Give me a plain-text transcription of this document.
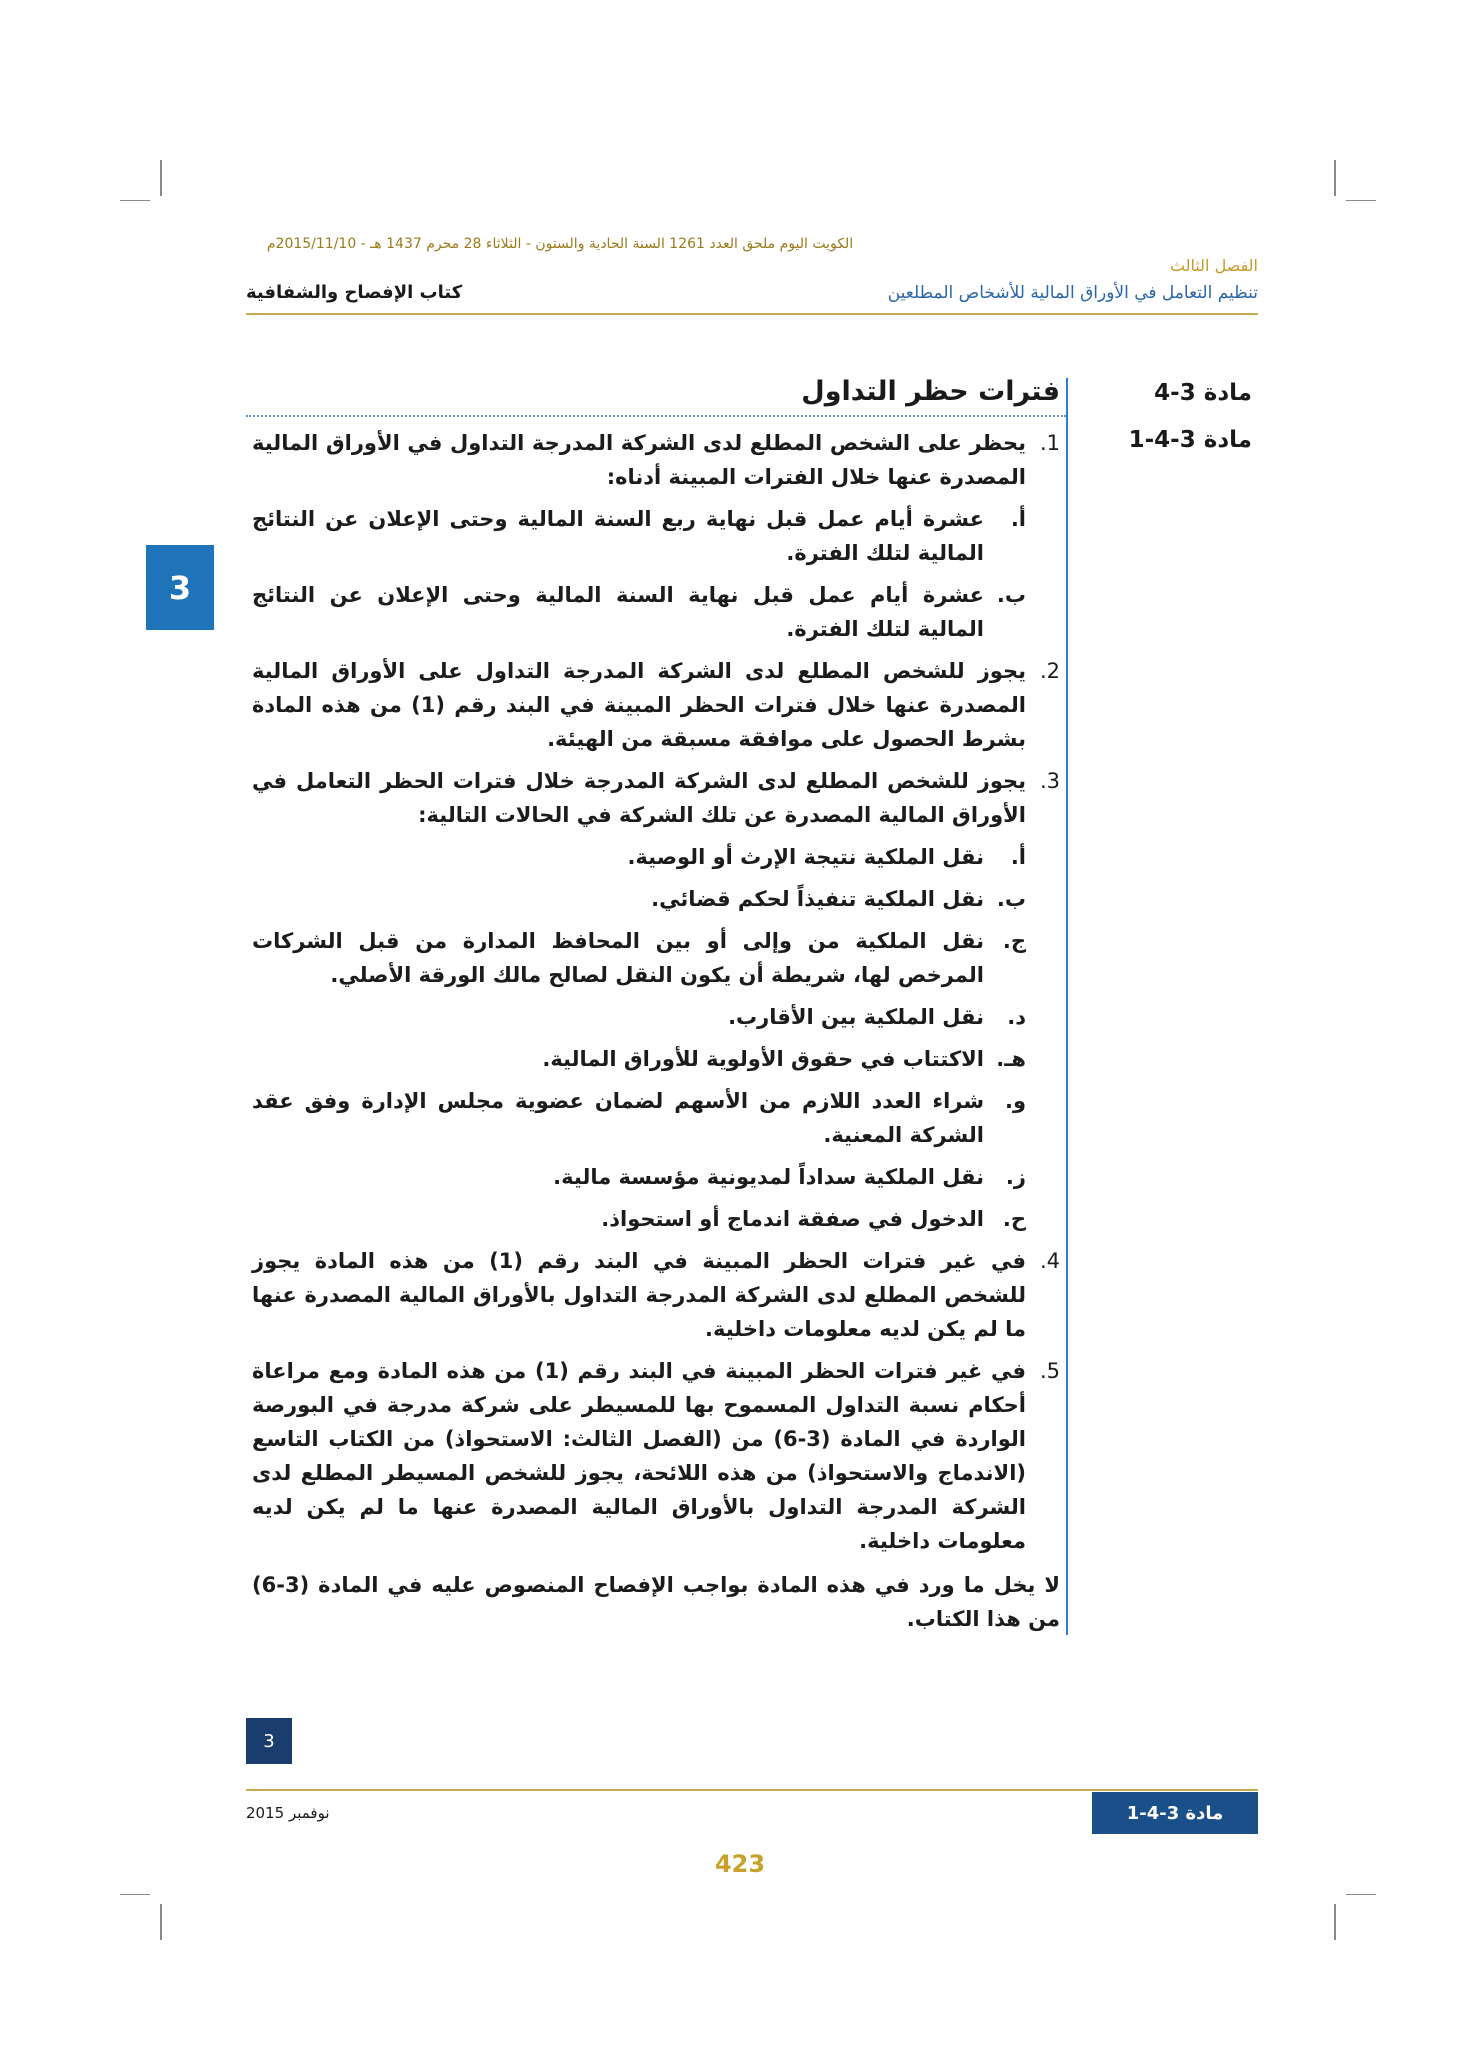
الكويت اليوم ملحق العدد 1261 السنة الحادية والستون - الثلاثاء 28 محرم 1437 هـ - 2015/11/10م
الفصل الثالث
تنظيم التعامل في الأوراق المالية للأشخاص المطلعين
كتاب الإفصاح والشفافية
3
مادة 3-4
مادة 3-4-1
فترات حظر التداول
1.
يحظر على الشخص المطلع لدى الشركة المدرجة التداول في الأوراق المالية المصدرة عنها خلال الفترات المبينة أدناه:
أ.
عشرة أيام عمل قبل نهاية ربع السنة المالية وحتى الإعلان عن النتائج المالية لتلك الفترة.
ب.
عشرة أيام عمل قبل نهاية السنة المالية وحتى الإعلان عن النتائج المالية لتلك الفترة.
2.
يجوز للشخص المطلع لدى الشركة المدرجة التداول على الأوراق المالية المصدرة عنها خلال فترات الحظر المبينة في البند رقم (1) من هذه المادة بشرط الحصول على موافقة مسبقة من الهيئة.
3.
يجوز للشخص المطلع لدى الشركة المدرجة خلال فترات الحظر التعامل في الأوراق المالية المصدرة عن تلك الشركة في الحالات التالية:
أ.
نقل الملكية نتيجة الإرث أو الوصية.
ب.
نقل الملكية تنفيذاً لحكم قضائي.
ج.
نقل الملكية من وإلى أو بين المحافظ المدارة من قبل الشركات المرخص لها، شريطة أن يكون النقل لصالح مالك الورقة الأصلي.
د.
نقل الملكية بين الأقارب.
هـ.
الاكتتاب في حقوق الأولوية للأوراق المالية.
و.
شراء العدد اللازم من الأسهم لضمان عضوية مجلس الإدارة وفق عقد الشركة المعنية.
ز.
نقل الملكية سداداً لمديونية مؤسسة مالية.
ح.
الدخول في صفقة اندماج أو استحواذ.
4.
في غير فترات الحظر المبينة في البند رقم (1) من هذه المادة يجوز للشخص المطلع لدى الشركة المدرجة التداول بالأوراق المالية المصدرة عنها ما لم يكن لديه معلومات داخلية.
5.
في غير فترات الحظر المبينة في البند رقم (1) من هذه المادة ومع مراعاة أحكام نسبة التداول المسموح بها للمسيطر على شركة مدرجة في البورصة الواردة في المادة (3-6) من (الفصل الثالث: الاستحواذ) من الكتاب التاسع (الاندماج والاستحواذ) من هذه اللائحة، يجوز للشخص المسيطر المطلع لدى الشركة المدرجة التداول بالأوراق المالية المصدرة عنها ما لم يكن لديه معلومات داخلية.
لا يخل ما ورد في هذه المادة بواجب الإفصاح المنصوص عليه في المادة (3-6) من هذا الكتاب.
3
نوفمبر 2015	مادة 3-4-1
423
